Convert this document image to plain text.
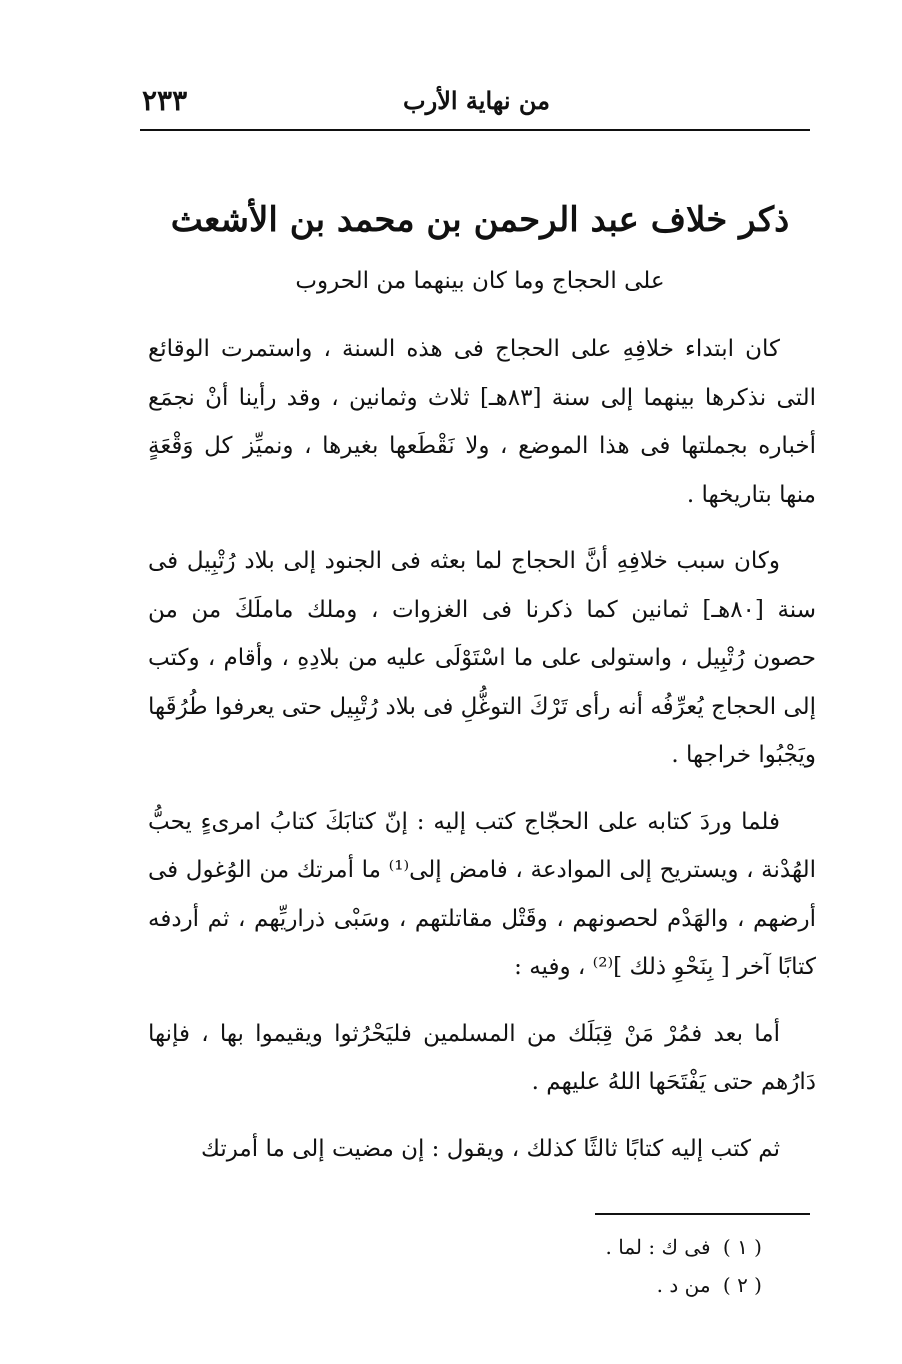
من نهاية الأرب
٢٣٣
ذكر خلاف عبد الرحمن بن محمد بن الأشعث
على الحجاج وما كان بينهما من الحروب

كان ابتداء خلافِهِ على الحجاج فى هذه السنة ، واستمرت الوقائع التى نذكرها بينهما إلى سنة [٨٣هـ] ثلاث وثمانين ، وقد رأينا أنْ نجمَع أخباره بجملتها فى هذا الموضع ، ولا نَقْطَعها بغيرها ، ونميِّز كل وَقْعَةٍ منها بتاريخها .

وكان سبب خلافِهِ أنَّ الحجاج لما بعثه فى الجنود إلى بلاد رُتْبِيل فى سنة [٨٠هـ] ثمانين كما ذكرنا فى الغزوات ، وملك ماملَكَ من من حصون رُتْبِيل ، واستولى على ما اسْتَوْلَى عليه من بلادِهِ ، وأقام ، وكتب إلى الحجاج يُعرِّفُه أنه رأى تَرْكَ التوغُّلِ فى بلاد رُتْبِيل حتى يعرفوا طُرُقَها ويَجْبُوا خراجها .

فلما وردَ كتابه على الحجّاج كتب إليه : إنّ كتابَكَ كتابُ امرىءٍ يحبُّ الهُدْنة ، ويستريح إلى الموادعة ، فامض إلى⁽¹⁾ ما أمرتك من الوُغول فى أرضهم ، والهَدْم لحصونهم ، وقَتْل مقاتلتهم ، وسَبْى ذراريِّهم ، ثم أردفه كتابًا آخر [ بِنَحْوِ ذلك ]⁽²⁾ ، وفيه :

أما بعد فمُرْ مَنْ قِبَلَك من المسلمين فليَحْرُثوا ويقيموا بها ، فإنها دَارُهم حتى يَفْتَحَها اللهُ عليهم .

ثم كتب إليه كتابًا ثالثًا كذلك ، ويقول : إن مضيت إلى ما أمرتك

( ١ ) فى ك : لما .
( ٢ ) من د .
